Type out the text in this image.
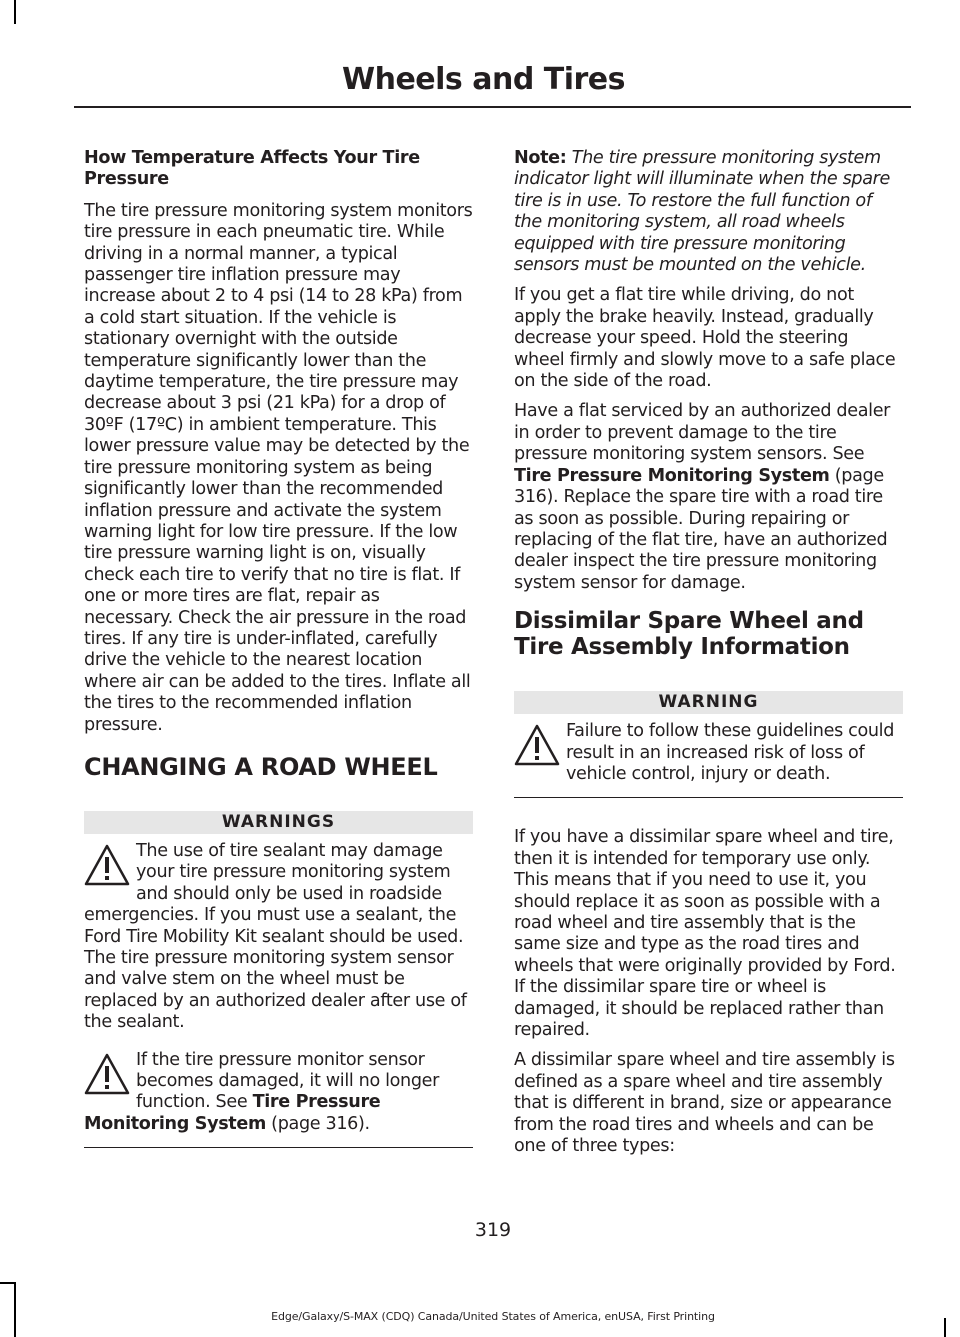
Wheels and Tires

How Temperature Affects Your Tire Pressure

The tire pressure monitoring system monitors tire pressure in each pneumatic tire. While driving in a normal manner, a typical passenger tire inflation pressure may increase about 2 to 4 psi (14 to 28 kPa) from a cold start situation. If the vehicle is stationary overnight with the outside temperature significantly lower than the daytime temperature, the tire pressure may decrease about 3 psi (21 kPa) for a drop of 30ºF (17ºC) in ambient temperature. This lower pressure value may be detected by the tire pressure monitoring system as being significantly lower than the recommended inflation pressure and activate the system warning light for low tire pressure. If the low tire pressure warning light is on, visually check each tire to verify that no tire is flat. If one or more tires are flat, repair as necessary. Check the air pressure in the road tires. If any tire is under-inflated, carefully drive the vehicle to the nearest location where air can be added to the tires. Inflate all the tires to the recommended inflation pressure.

CHANGING A ROAD WHEEL
WARNINGS
The use of tire sealant may damage your tire pressure monitoring system and should only be used in roadside emergencies. If you must use a sealant, the Ford Tire Mobility Kit sealant should be used. The tire pressure monitoring system sensor and valve stem on the wheel must be replaced by an authorized dealer after use of the sealant.
If the tire pressure monitor sensor becomes damaged, it will no longer function. See Tire Pressure Monitoring System (page 316).

Note: The tire pressure monitoring system indicator light will illuminate when the spare tire is in use. To restore the full function of the monitoring system, all road wheels equipped with tire pressure monitoring sensors must be mounted on the vehicle.

If you get a flat tire while driving, do not apply the brake heavily. Instead, gradually decrease your speed. Hold the steering wheel firmly and slowly move to a safe place on the side of the road.

Have a flat serviced by an authorized dealer in order to prevent damage to the tire pressure monitoring system sensors. See Tire Pressure Monitoring System (page 316). Replace the spare tire with a road tire as soon as possible. During repairing or replacing of the flat tire, have an authorized dealer inspect the tire pressure monitoring system sensor for damage.

Dissimilar Spare Wheel and Tire Assembly Information
WARNING
Failure to follow these guidelines could result in an increased risk of loss of vehicle control, injury or death.

If you have a dissimilar spare wheel and tire, then it is intended for temporary use only. This means that if you need to use it, you should replace it as soon as possible with a road wheel and tire assembly that is the same size and type as the road tires and wheels that were originally provided by Ford. If the dissimilar spare tire or wheel is damaged, it should be replaced rather than repaired.

A dissimilar spare wheel and tire assembly is defined as a spare wheel and tire assembly that is different in brand, size or appearance from the road tires and wheels and can be one of three types:

319
Edge/Galaxy/S-MAX (CDQ) Canada/United States of America, enUSA, First Printing
